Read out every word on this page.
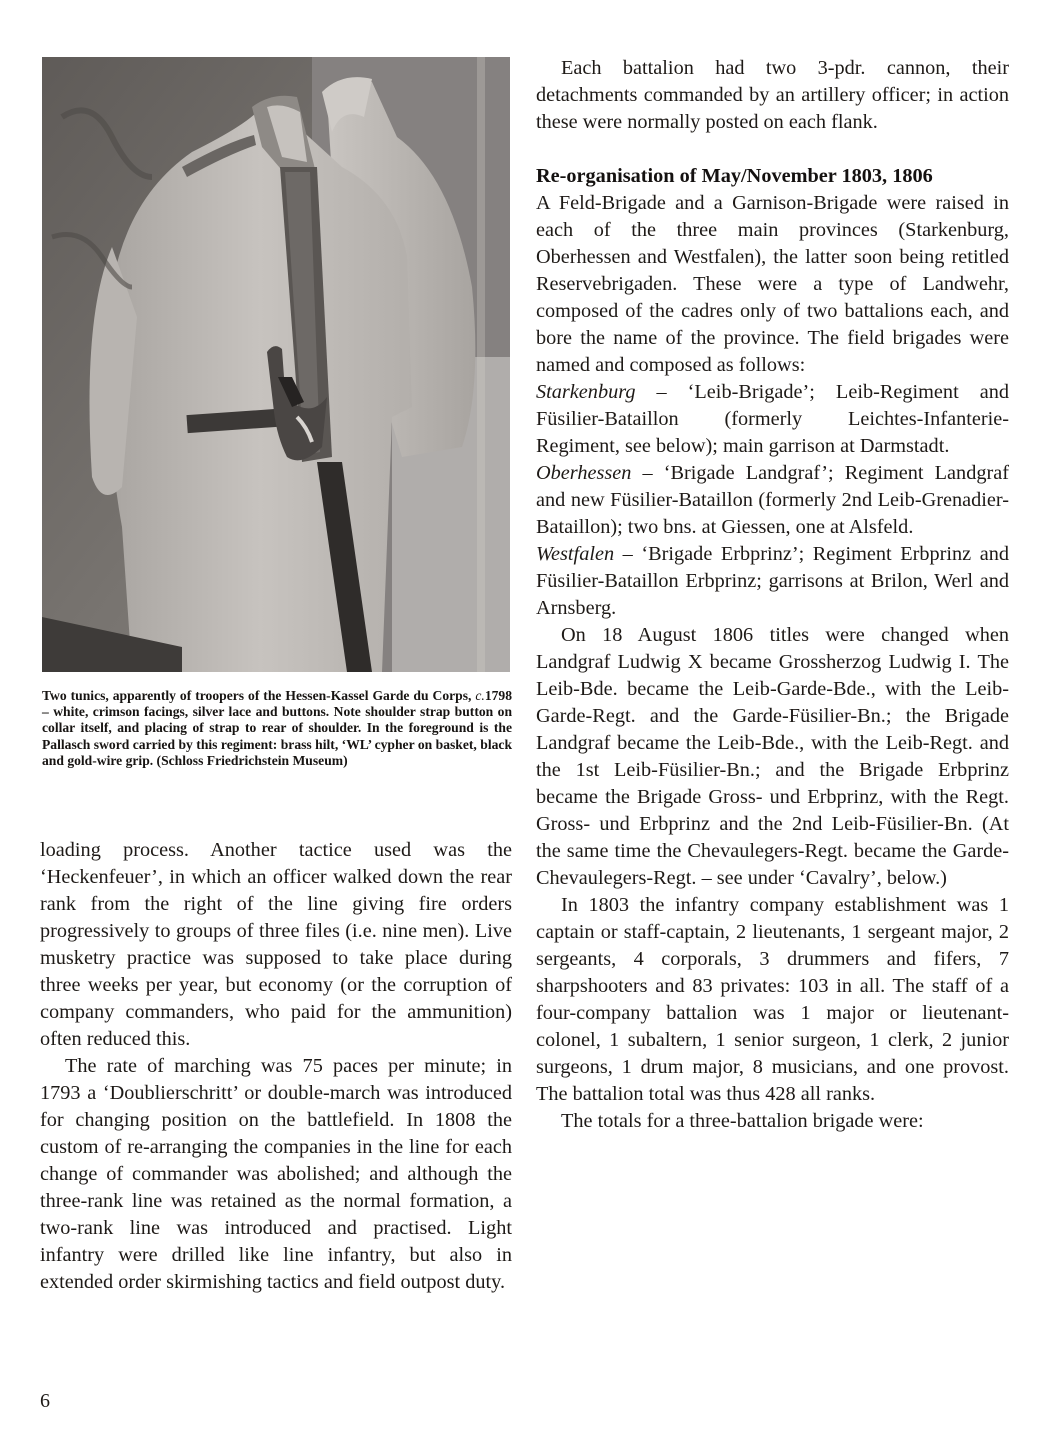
Two tunics, apparently of troopers of the Hessen-Kassel Garde du Corps, c.1798 – white, crimson facings, silver lace and buttons. Note shoulder strap button on collar itself, and placing of strap to rear of shoulder. In the foreground is the Pallasch sword carried by this regiment: brass hilt, ‘WL’ cypher on basket, black and gold-wire grip. (Schloss Friedrichstein Museum)

loading process. Another tactice used was the ‘Heckenfeuer’, in which an officer walked down the rear rank from the right of the line giving fire orders progressively to groups of three files (i.e. nine men). Live musketry practice was supposed to take place during three weeks per year, but economy (or the corruption of company commanders, who paid for the ammunition) often reduced this.

The rate of marching was 75 paces per minute; in 1793 a ‘Doublierschritt’ or double-march was introduced for changing position on the battlefield. In 1808 the custom of re-arranging the companies in the line for each change of commander was abolished; and although the three-rank line was retained as the normal formation, a two-rank line was introduced and practised. Light infantry were drilled like line infantry, but also in extended order skirmishing tactics and field outpost duty.

6

Each battalion had two 3-pdr. cannon, their detachments commanded by an artillery officer; in action these were normally posted on each flank.

Re-organisation of May/November 1803, 1806

A Feld-Brigade and a Garnison-Brigade were raised in each of the three main provinces (Starkenburg, Oberhessen and Westfalen), the latter soon being retitled Reservebrigaden. These were a type of Landwehr, composed of the cadres only of two battalions each, and bore the name of the province. The field brigades were named and composed as follows:

Starkenburg – ‘Leib-Brigade’; Leib-Regiment and Füsilier-Bataillon (formerly Leichtes-Infanterie-Regiment, see below); main garrison at Darmstadt.

Oberhessen – ‘Brigade Landgraf’; Regiment Landgraf and new Füsilier-Bataillon (formerly 2nd Leib-Grenadier-Bataillon); two bns. at Giessen, one at Alsfeld.

Westfalen – ‘Brigade Erbprinz’; Regiment Erbprinz and Füsilier-Bataillon Erbprinz; garrisons at Brilon, Werl and Arnsberg.

On 18 August 1806 titles were changed when Landgraf Ludwig X became Grossherzog Ludwig I. The Leib-Bde. became the Leib-Garde-Bde., with the Leib-Garde-Regt. and the Garde-Füsilier-Bn.; the Brigade Landgraf became the Leib-Bde., with the Leib-Regt. and the 1st Leib-Füsilier-Bn.; and the Brigade Erbprinz became the Brigade Gross- und Erbprinz, with the Regt. Gross- und Erbprinz and the 2nd Leib-Füsilier-Bn. (At the same time the Chevaulegers-Regt. became the Garde-Chevaulegers-Regt. – see under ‘Cavalry’, below.)

In 1803 the infantry company establishment was 1 captain or staff-captain, 2 lieutenants, 1 sergeant major, 2 sergeants, 4 corporals, 3 drummers and fifers, 7 sharpshooters and 83 privates: 103 in all. The staff of a four-company battalion was 1 major or lieutenant-colonel, 1 subaltern, 1 senior surgeon, 1 clerk, 2 junior surgeons, 1 drum major, 8 musicians, and one provost. The battalion total was thus 428 all ranks.

The totals for a three-battalion brigade were:
